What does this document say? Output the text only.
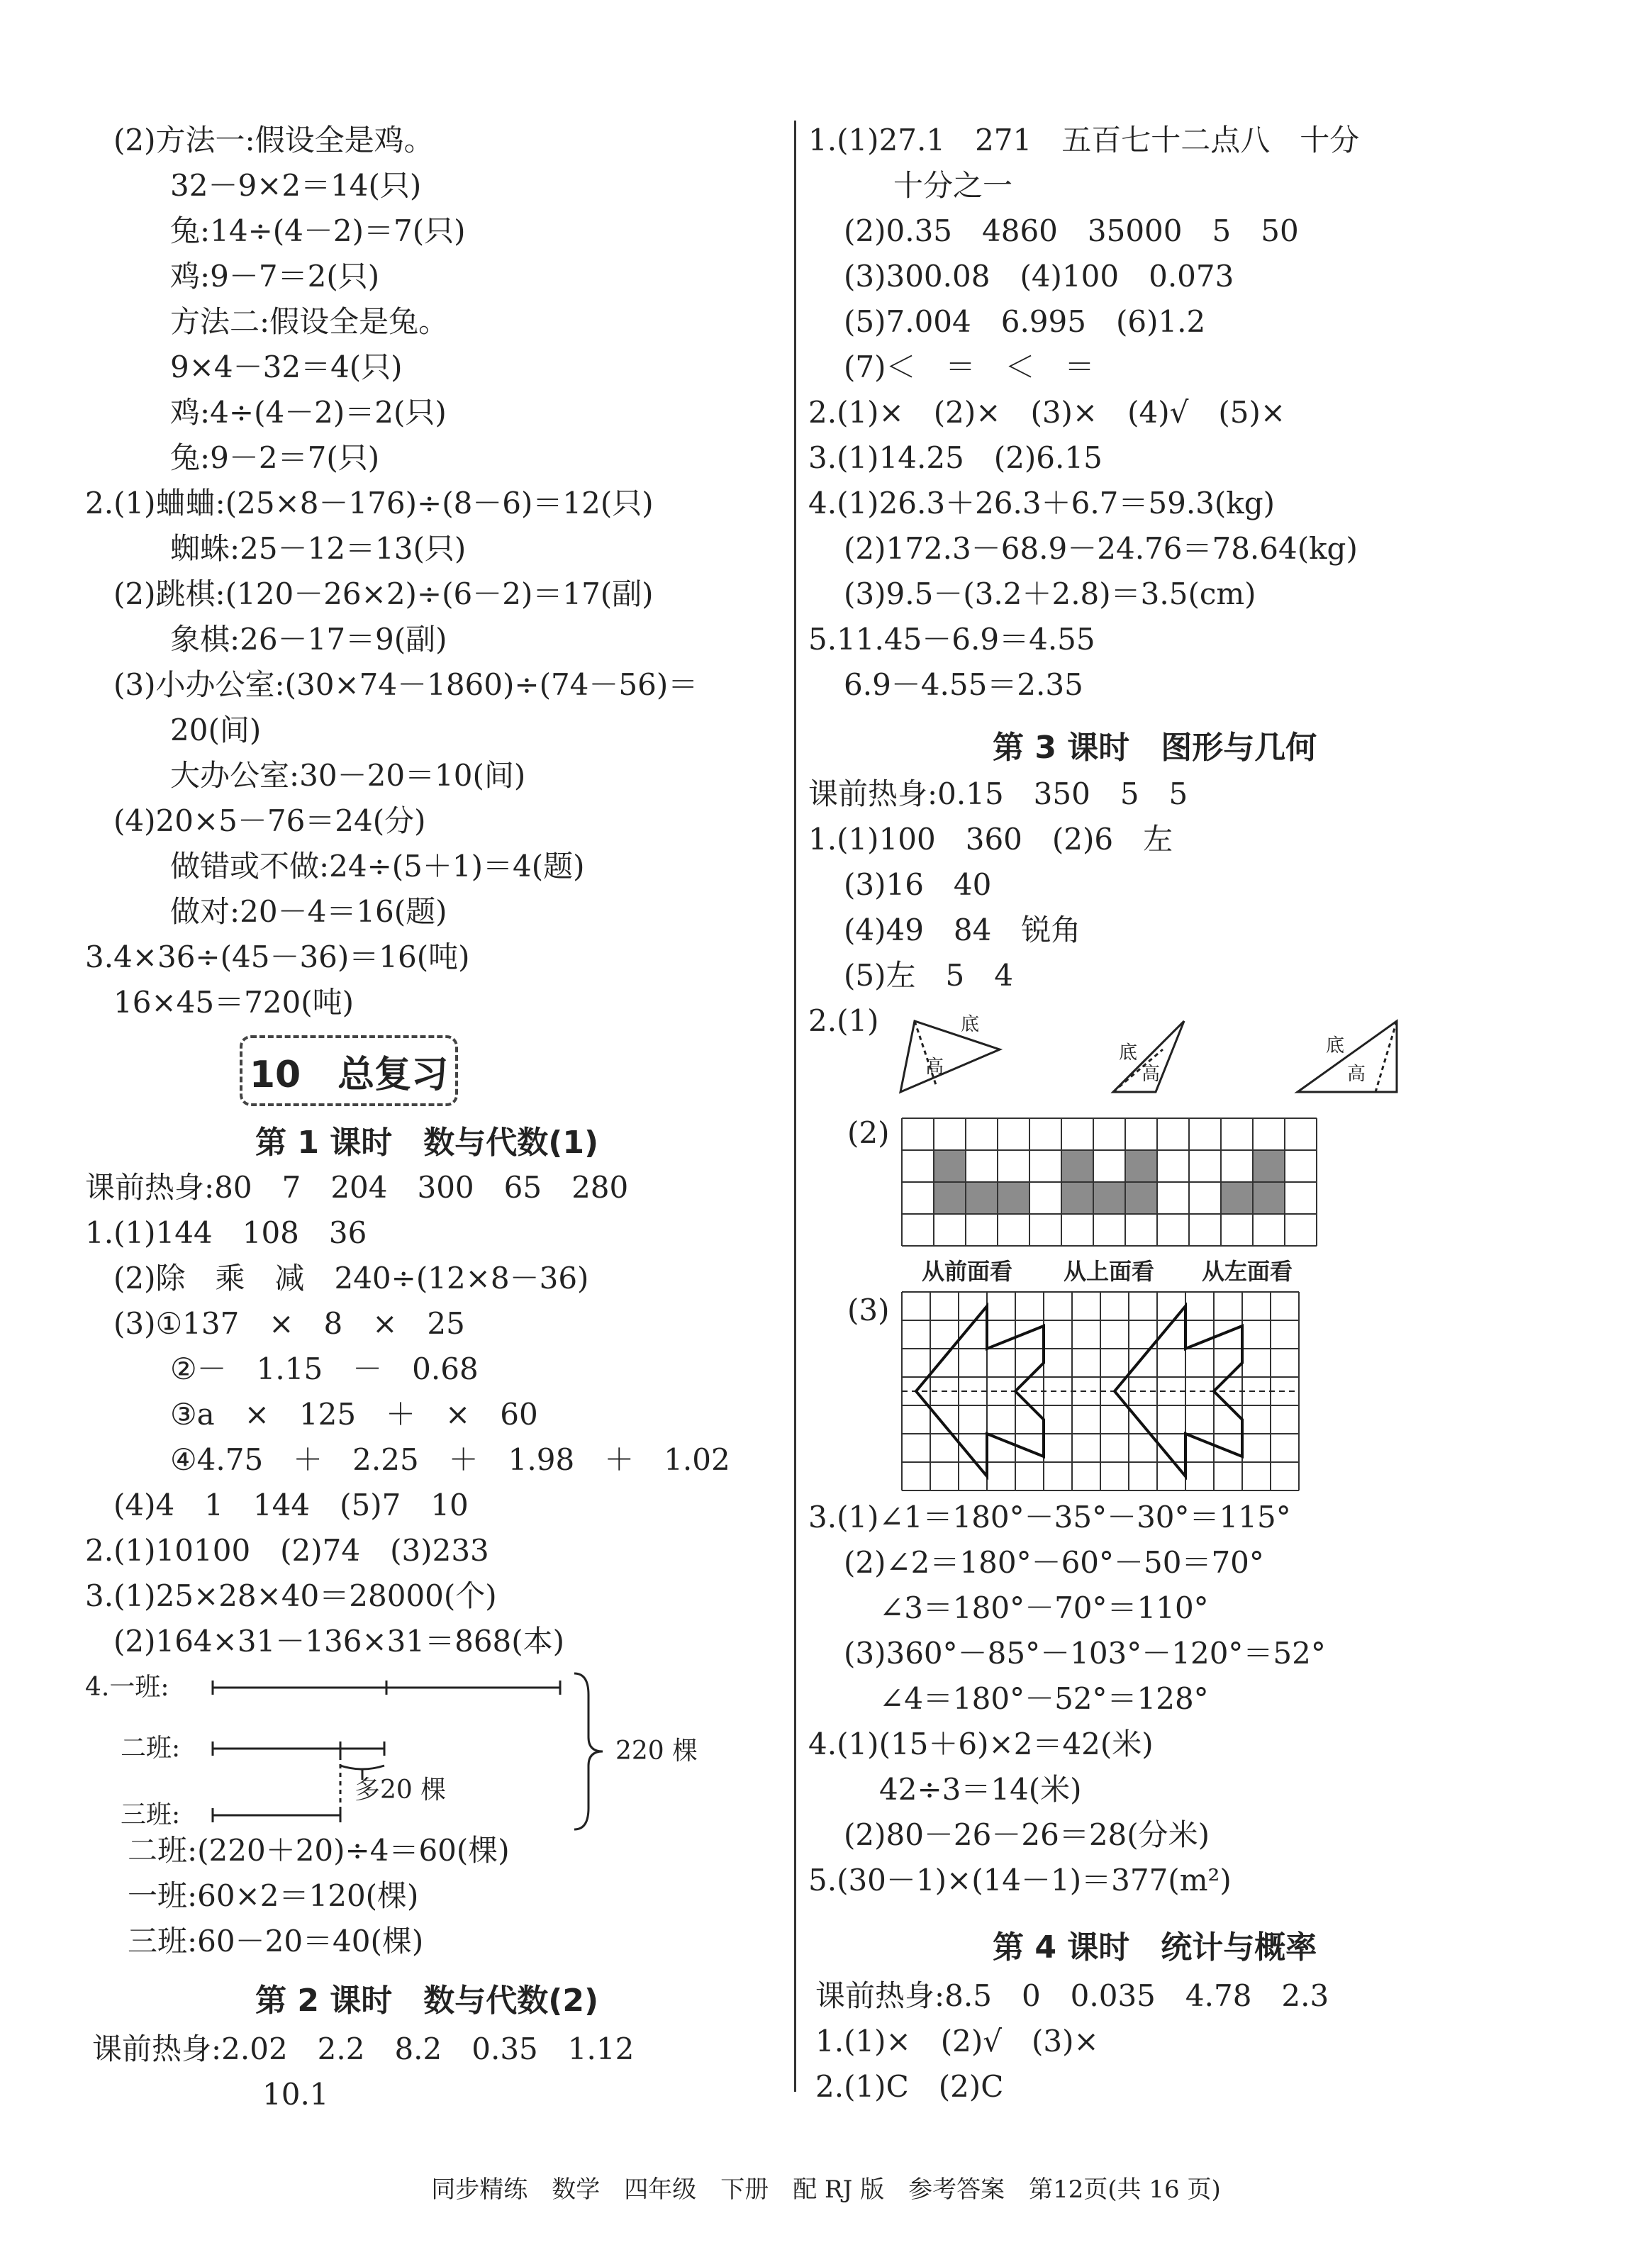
(2)方法一:假设全是鸡。
32－9×2＝14(只)
兔:14÷(4－2)＝7(只)
鸡:9－7＝2(只)
方法二:假设全是兔。
9×4－32＝4(只)
鸡:4÷(4－2)＝2(只)
兔:9－2＝7(只)
2.(1)蛐蛐:(25×8－176)÷(8－6)＝12(只)
蜘蛛:25－12＝13(只)
(2)跳棋:(120－26×2)÷(6－2)＝17(副)
象棋:26－17＝9(副)
(3)小办公室:(30×74－1860)÷(74－56)＝
20(间)
大办公室:30－20＝10(间)
(4)20×5－76＝24(分)
做错或不做:24÷(5＋1)＝4(题)
做对:20－4＝16(题)
3.4×36÷(45－36)＝16(吨)
16×45＝720(吨)
10　总复习
第 1 课时　数与代数(1)
课前热身:80　7　204　300　65　280
1.(1)144　108　36
(2)除　乘　减　240÷(12×8－36)
(3)①137　×　8　×　25
②－　1.15　－　0.68
③a　×　125　＋　×　60
④4.75　＋　2.25　＋　1.98　＋　1.02
(4)4　1　144　(5)7　10
2.(1)10100　(2)74　(3)233
3.(1)25×28×40＝28000(个)
(2)164×31－136×31＝868(本)
4.一班:
二班:
三班:
220 棵
多20 棵
二班:(220＋20)÷4＝60(棵)
一班:60×2＝120(棵)
三班:60－20＝40(棵)
第 2 课时　数与代数(2)
课前热身:2.02　2.2　8.2　0.35　1.12
10.1
1.(1)27.1　271　五百七十二点八　十分
十分之一
(2)0.35　4860　35000　5　50
(3)300.08　(4)100　0.073
(5)7.004　6.995　(6)1.2
(7)＜　＝　＜　＝
2.(1)×　(2)×　(3)×　(4)√　(5)×
3.(1)14.25　(2)6.15
4.(1)26.3＋26.3＋6.7＝59.3(kg)
(2)172.3－68.9－24.76＝78.64(kg)
(3)9.5－(3.2＋2.8)＝3.5(cm)
5.11.45－6.9＝4.55
6.9－4.55＝2.35
第 3 课时　图形与几何
课前热身:0.15　350　5　5
1.(1)100　360　(2)6　左
(3)16　40
(4)49　84　锐角
(5)左　5　4
2.(1)	底
高
底
高
底
高
(2)
从前面看 从上面看 从左面看
(3)
3.(1)∠1＝180°－35°－30°＝115°
(2)∠2＝180°－60°－50＝70°
∠3＝180°－70°＝110°
(3)360°－85°－103°－120°＝52°
∠4＝180°－52°＝128°
4.(1)(15＋6)×2＝42(米)
42÷3＝14(米)
(2)80－26－26＝28(分米)
5.(30－1)×(14－1)＝377(m²)
第 4 课时　统计与概率
课前热身:8.5　0　0.035　4.78　2.3
1.(1)×　(2)√　(3)×
2.(1)C　(2)C
同步精练　数学　四年级　下册　配 RJ 版　参考答案　第12页(共 16 页)
